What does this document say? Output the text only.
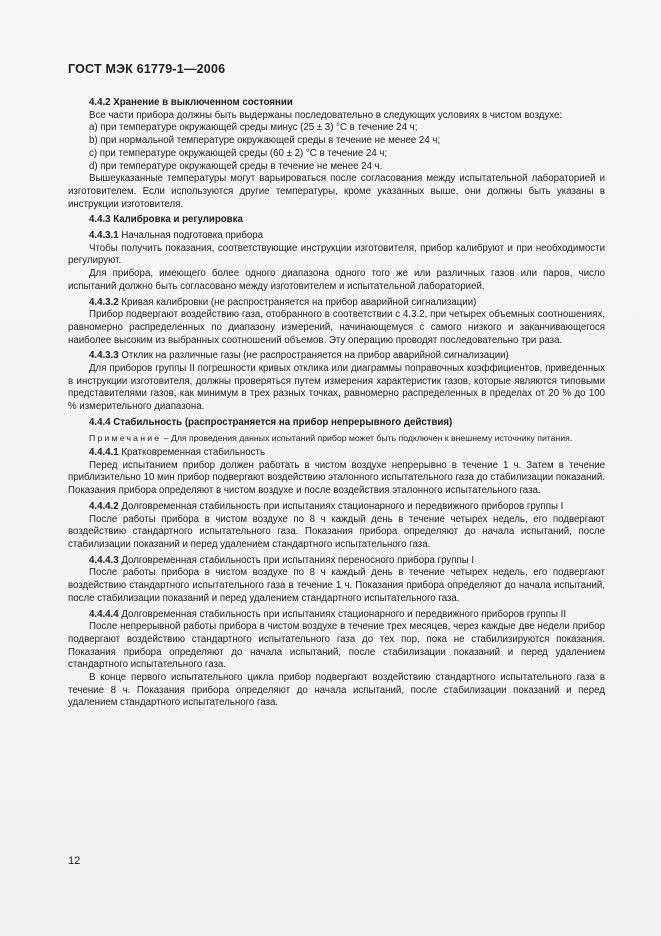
ГОСТ МЭК 61779-1—2006

4.4.2 Хранение в выключенном состоянии

Все части прибора должны быть выдержаны последовательно в следующих условиях в чистом воздухе:

a) при температуре окружающей среды минус (25 ± 3) °С в течение 24 ч;

b) при нормальной температуре окружающей среды в течение не менее 24 ч;

c) при температуре окружающей среды (60 ± 2) °С в течение 24 ч;

d) при температуре окружающей среды в течение не менее 24 ч.

Вышеуказанные температуры могут варьироваться после согласования между испытательной лабораторией и изготовителем. Если используются другие температуры, кроме указанных выше, они должны быть указаны в инструкции изготовителя.

4.4.3 Калибровка и регулировка

4.4.3.1 Начальная подготовка прибора

Чтобы получить показания, соответствующие инструкции изготовителя, прибор калибруют и при необходимости регулируют.

Для прибора, имеющего более одного диапазона одного того же или различных газов или паров, число испытаний должно быть согласовано между изготовителем и испытательной лабораторией.

4.4.3.2 Кривая калибровки (не распространяется на прибор аварийной сигнализации)

Прибор подвергают воздействию газа, отобранного в соответствии с 4.3.2, при четырех объемных соотношениях, равномерно распределенных по диапазону измерений, начинающемуся с самого низкого и заканчивающегося наиболее высоким из выбранных соотношений объемов. Эту операцию проводят последовательно три раза.

4.4.3.3 Отклик на различные газы (не распространяется на прибор аварийной сигнализации)

Для приборов группы II погрешности кривых отклика или диаграммы поправочных коэффициентов, приведенных в инструкции изготовителя, должны проверяться путем измерения характеристик газов, которые являются типовыми представителями газов, как минимум в трех разных точках, равномерно распределенных в пределах от 20 % до 100 % измерительного диапазона.

4.4.4 Стабильность (распространяется на прибор непрерывного действия)

Примечание – Для проведения данных испытаний прибор может быть подключен к внешнему источнику питания.

4.4.4.1 Кратковременная стабильность

Перед испытанием прибор должен работать в чистом воздухе непрерывно в течение 1 ч. Затем в течение приблизительно 10 мин прибор подвергают воздействию эталонного испытательного газа до стабилизации показаний. Показания прибора определяют в чистом воздухе и после воздействия эталонного испытательного газа.

4.4.4.2 Долговременная стабильность при испытаниях стационарного и передвижного приборов группы I

После работы прибора в чистом воздухе по 8 ч каждый день в течение четырех недель, его подвергают воздействию стандартного испытательного газа. Показания прибора определяют до начала испытаний, после стабилизации показаний и перед удалением стандартного испытательного газа.

4.4.4.3 Долговременная стабильность при испытаниях переносного прибора группы I

После работы прибора в чистом воздухе по 8 ч каждый день в течение четырех недель, его подвергают воздействию стандартного испытательного газа в течение 1 ч. Показания прибора определяют до начала испытаний, после стабилизации показаний и перед удалением стандартного испытательного газа.

4.4.4.4 Долговременная стабильность при испытаниях стационарного и передвижного приборов группы II

После непрерывной работы прибора в чистом воздухе в течение трех месяцев, через каждые две недели прибор подвергают воздействию стандартного испытательного газа до тех пор, пока не стабилизируются показания. Показания прибора определяют до начала испытаний, после стабилизации показаний и перед удалением стандартного испытательного газа.

В конце первого испытательного цикла прибор подвергают воздействию стандартного испытательного газа в течение 8 ч. Показания прибора определяют до начала испытаний, после стабилизации показаний и перед удалением стандартного испытательного газа.

12
